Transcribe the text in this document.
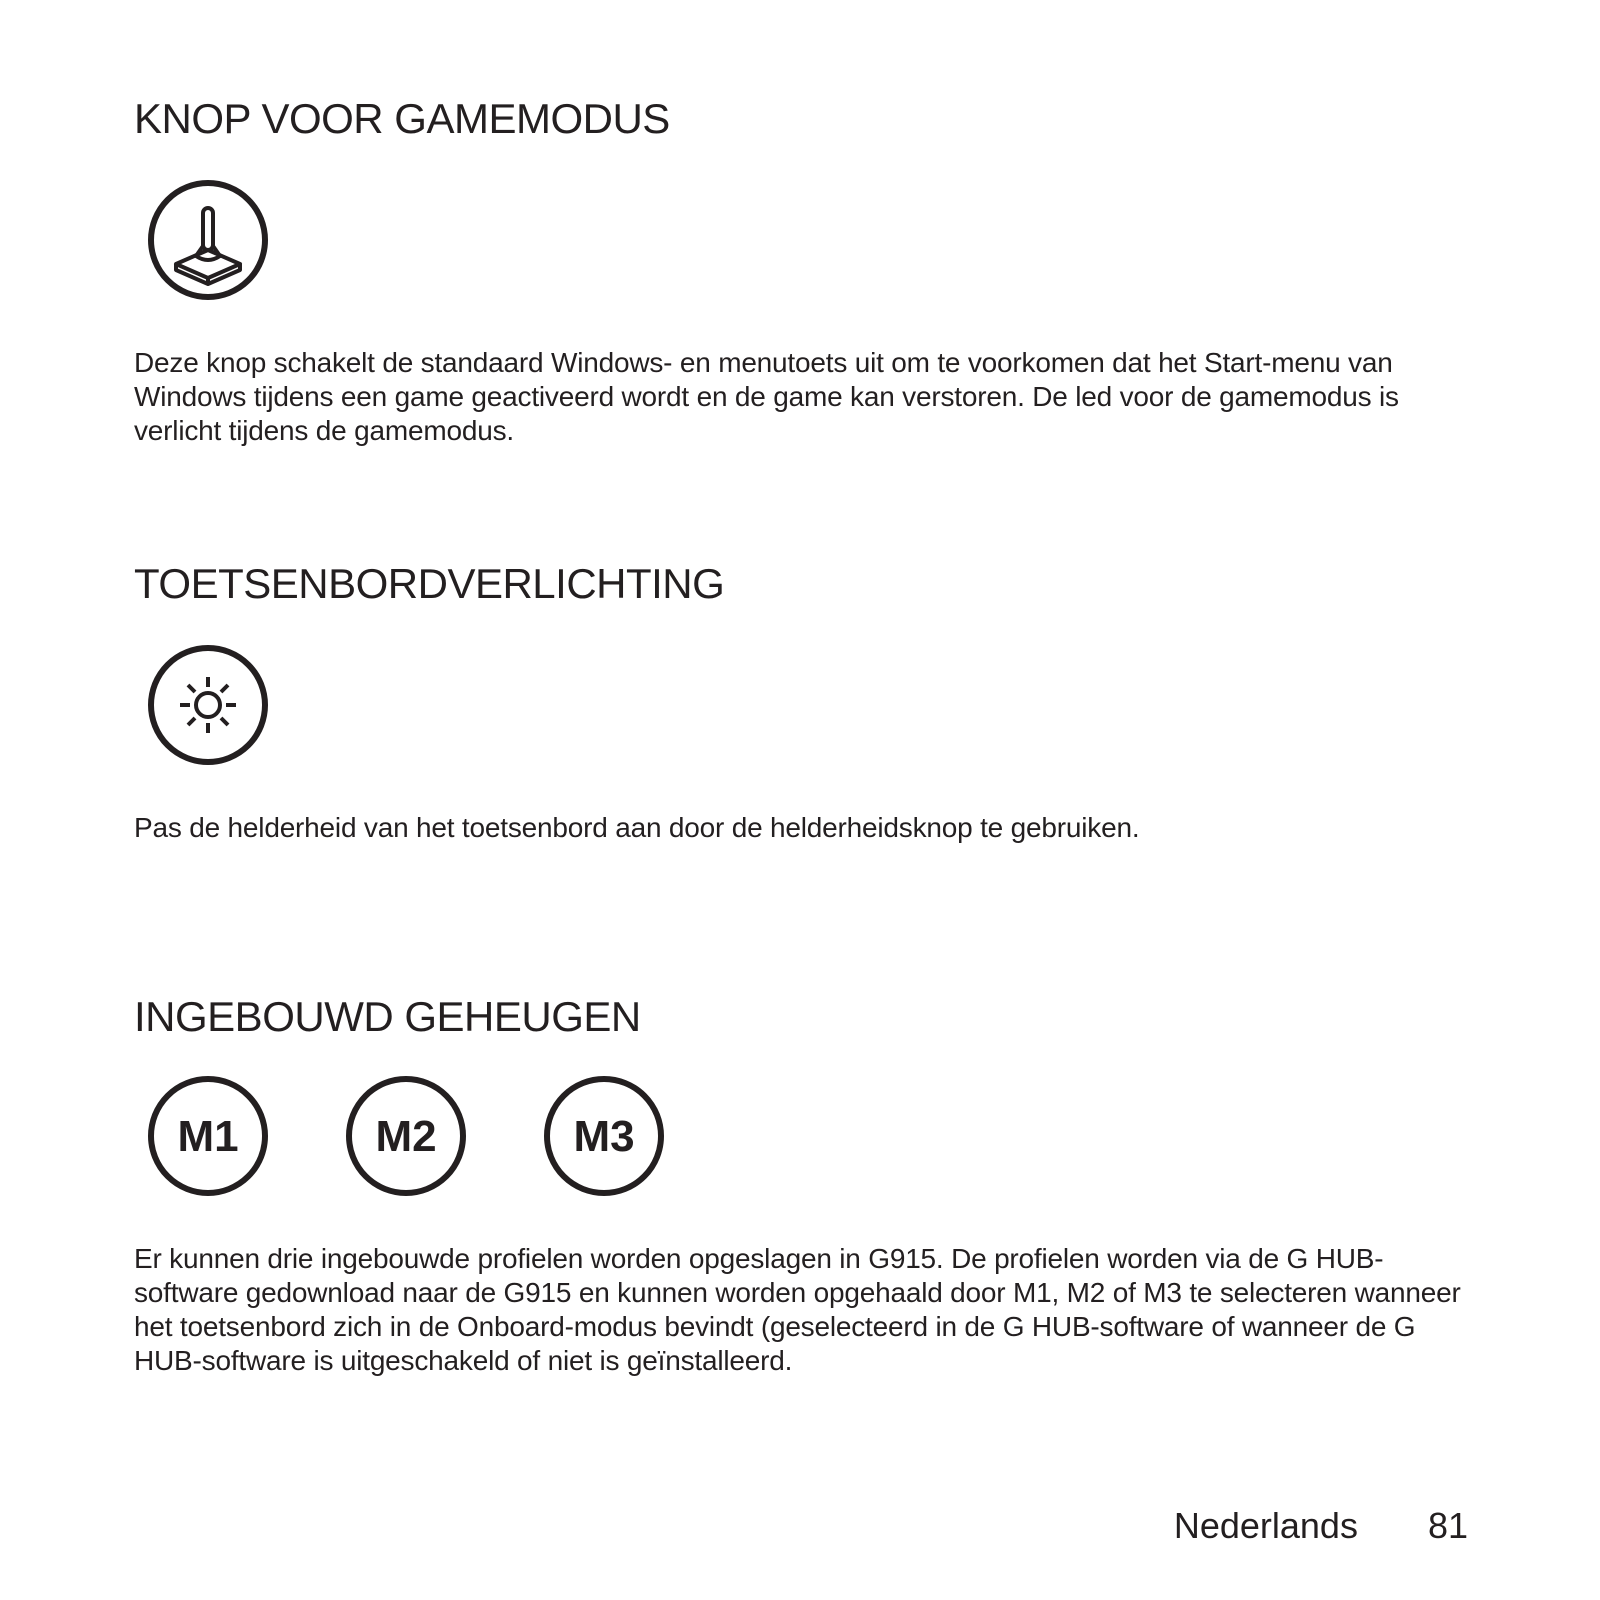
KNOP VOOR GAMEMODUS

Deze knop schakelt de standaard Windows- en menutoets uit om te voorkomen dat het Start-menu van Windows tijdens een game geactiveerd wordt en de game kan verstoren. De led voor de gamemodus is verlicht tijdens de gamemodus.

TOETSENBORDVERLICHTING

Pas de helderheid van het toetsenbord aan door de helderheidsknop te gebruiken.

INGEBOUWD GEHEUGEN
M1	M2	M3

Er kunnen drie ingebouwde profielen worden opgeslagen in G915. De profielen worden via de G HUB-software gedownload naar de G915 en kunnen worden opgehaald door M1, M2 of M3 te selecteren wanneer het toetsenbord zich in de Onboard-modus bevindt (geselecteerd in de G HUB-software of wanneer de G HUB-software is uitgeschakeld of niet is geïnstalleerd.

Nederlands 81
